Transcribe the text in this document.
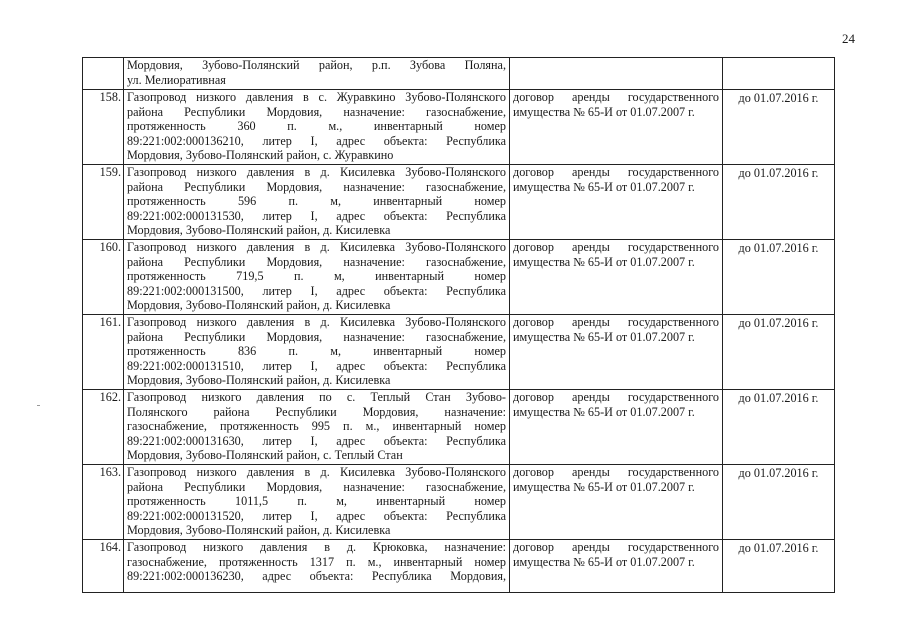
24

	Мордовия, Зубово-Полянский район, р.п. Зубова Поляна,
ул. Мелиоративная		

158.	Газопровод низкого давления в с. Журавкино Зубово-Полянского
района Республики Мордовия, назначение: газоснабжение,
протяженность 360 п. м., инвентарный номер
89:221:002:000136210, литер I, адрес объекта: Республика
Мордовия, Зубово-Полянский район, с. Журавкино	договор аренды государственного
имущества № 65-И от 01.07.2007 г.	до 01.07.2016 г.
159.	Газопровод низкого давления в д. Кисилевка Зубово-Полянского
района Республики Мордовия, назначение: газоснабжение,
протяженность 596 п. м, инвентарный номер
89:221:002:000131530, литер I, адрес объекта: Республика
Мордовия, Зубово-Полянский район, д. Кисилевка	договор аренды государственного
имущества № 65-И от 01.07.2007 г.	до 01.07.2016 г.
160.	Газопровод низкого давления в д. Кисилевка Зубово-Полянского
района Республики Мордовия, назначение: газоснабжение,
протяженность 719,5 п. м, инвентарный номер
89:221:002:000131500, литер I, адрес объекта: Республика
Мордовия, Зубово-Полянский район, д. Кисилевка	договор аренды государственного
имущества № 65-И от 01.07.2007 г.	до 01.07.2016 г.
161.	Газопровод низкого давления в д. Кисилевка Зубово-Полянского
района Республики Мордовия, назначение: газоснабжение,
протяженность 836 п. м, инвентарный номер
89:221:002:000131510, литер I, адрес объекта: Республика
Мордовия, Зубово-Полянский район, д. Кисилевка	договор аренды государственного
имущества № 65-И от 01.07.2007 г.	до 01.07.2016 г.
162.	Газопровод низкого давления по с. Теплый Стан Зубово-
Полянского района Республики Мордовия, назначение:
газоснабжение, протяженность 995 п. м., инвентарный номер
89:221:002:000131630, литер I, адрес объекта: Республика
Мордовия, Зубово-Полянский район, с. Теплый Стан	договор аренды государственного
имущества № 65-И от 01.07.2007 г.	до 01.07.2016 г.
163.	Газопровод низкого давления в д. Кисилевка Зубово-Полянского
района Республики Мордовия, назначение: газоснабжение,
протяженность 1011,5 п. м, инвентарный номер
89:221:002:000131520, литер I, адрес объекта: Республика
Мордовия, Зубово-Полянский район, д. Кисилевка	договор аренды государственного
имущества № 65-И от 01.07.2007 г.	до 01.07.2016 г.
164.	Газопровод низкого давления в д. Крюковка, назначение:
газоснабжение, протяженность 1317 п. м., инвентарный номер
89:221:002:000136230, адрес объекта: Республика Мордовия,	договор аренды государственного
имущества № 65-И от 01.07.2007 г.	до 01.07.2016 г.
